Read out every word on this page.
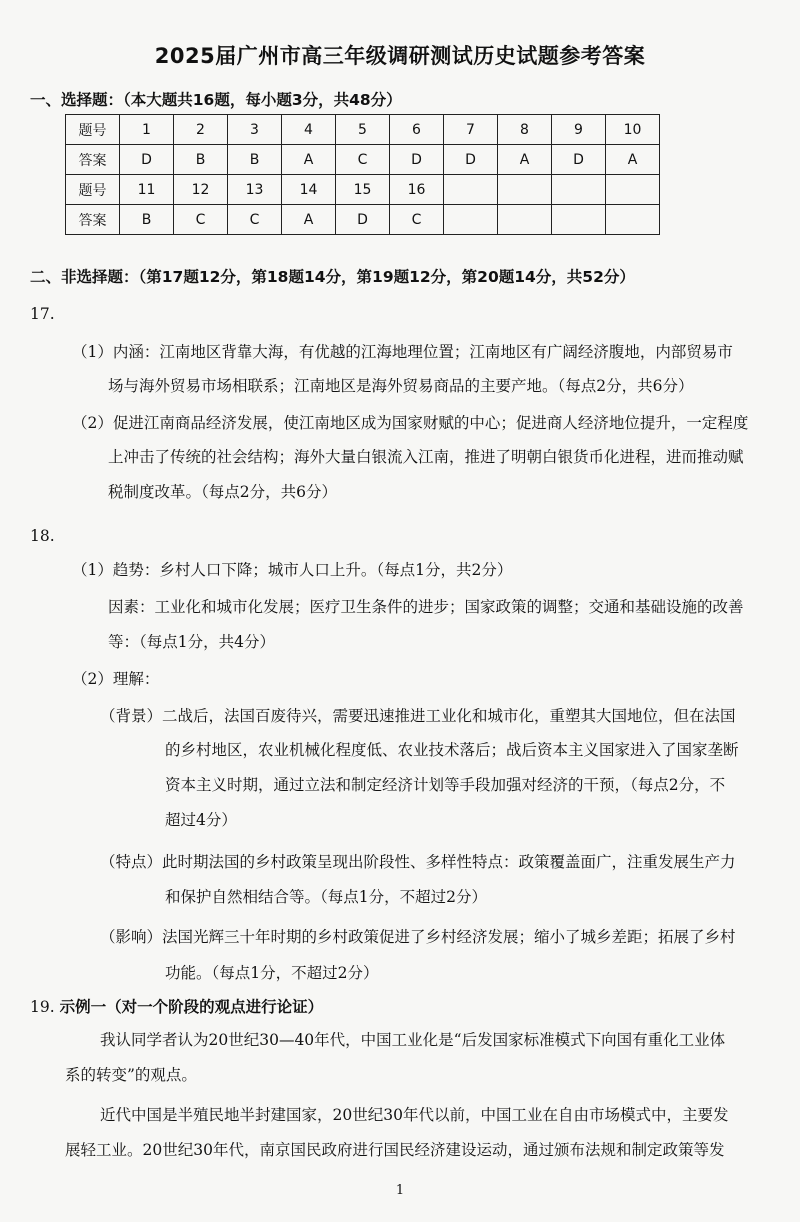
2025届广州市高三年级调研测试历史试题参考答案
一、选择题：（本大题共16题，每小题3分，共48分）
题号	1	2	3	4	5	6	7	8	9	10
答案	D	B	B	A	C	D	D	A	D	A
题号	11	12	13	14	15	16				
答案	B	C	C	A	D	C				
二、非选择题：（第17题12分，第18题14分，第19题12分，第20题14分，共52分）
17.
（1）内涵：江南地区背靠大海，有优越的江海地理位置；江南地区有广阔经济腹地，内部贸易市
场与海外贸易市场相联系；江南地区是海外贸易商品的主要产地。（每点2分，共6分）
（2）促进江南商品经济发展，使江南地区成为国家财赋的中心；促进商人经济地位提升，一定程度
上冲击了传统的社会结构；海外大量白银流入江南，推进了明朝白银货币化进程，进而推动赋
税制度改革。（每点2分，共6分）
18.
（1）趋势：乡村人口下降；城市人口上升。（每点1分，共2分）
因素：工业化和城市化发展；医疗卫生条件的进步；国家政策的调整；交通和基础设施的改善
等：（每点1分，共4分）
（2）理解：
（背景）二战后，法国百废待兴，需要迅速推进工业化和城市化，重塑其大国地位，但在法国
的乡村地区，农业机械化程度低、农业技术落后；战后资本主义国家进入了国家垄断
资本主义时期，通过立法和制定经济计划等手段加强对经济的干预，（每点2分，不
超过4分）
（特点）此时期法国的乡村政策呈现出阶段性、多样性特点：政策覆盖面广，注重发展生产力
和保护自然相结合等。（每点1分，不超过2分）
（影响）法国光辉三十年时期的乡村政策促进了乡村经济发展；缩小了城乡差距；拓展了乡村
功能。（每点1分，不超过2分）
19. 示例一（对一个阶段的观点进行论证）
我认同学者认为20世纪30—40年代，中国工业化是“后发国家标准模式下向国有重化工业体
系的转变”的观点。
近代中国是半殖民地半封建国家，20世纪30年代以前，中国工业在自由市场模式中，主要发
展轻工业。20世纪30年代，南京国民政府进行国民经济建设运动，通过颁布法规和制定政策等发
1
